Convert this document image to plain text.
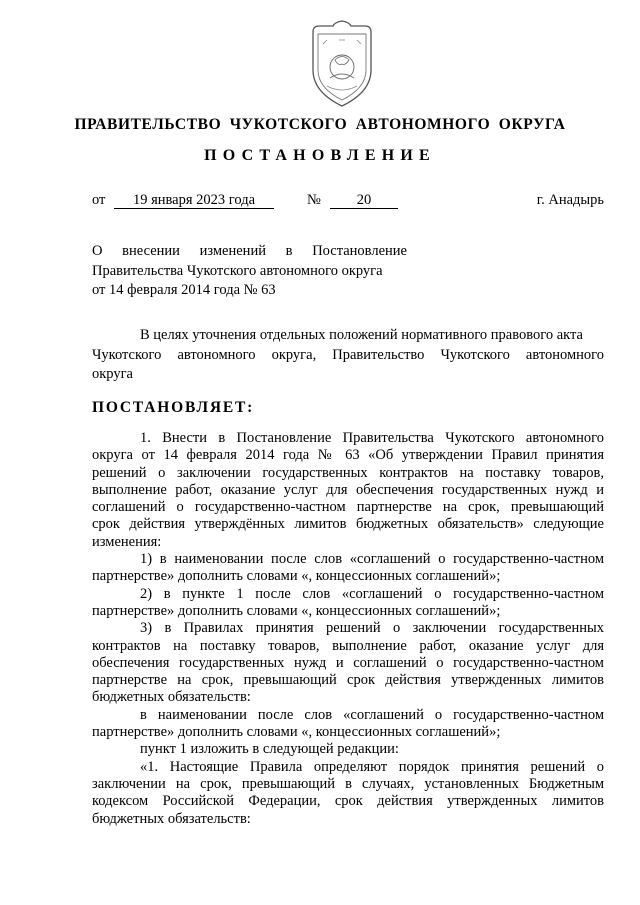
ПРАВИТЕЛЬСТВО ЧУКОТСКОГО АВТОНОМНОГО ОКРУГА
ПОСТАНОВЛЕНИЕ
от	19 января 2023 года	№	20	г. Анадырь
О внесении изменений в Постановление
Правительства Чукотского автономного округа
от 14 февраля 2014 года № 63
В целях уточнения отдельных положений нормативного правового акта
Чукотского автономного округа, Правительство Чукотского автономного
округа
ПОСТАНОВЛЯЕТ:

1. Внести в Постановление Правительства Чукотского автономного
округа от 14 февраля 2014 года № 63 «Об утверждении Правил принятия
решений о заключении государственных контрактов на поставку товаров,
выполнение работ, оказание услуг для обеспечения государственных нужд и
соглашений о государственно-частном партнерстве на срок, превышающий
срок действия утверждённых лимитов бюджетных обязательств» следующие
изменения:

1) в наименовании после слов «соглашений о государственно-частном
партнерстве» дополнить словами «, концессионных соглашений»;

2) в пункте 1 после слов «соглашений о государственно-частном
партнерстве» дополнить словами «, концессионных соглашений»;

3) в Правилах принятия решений о заключении государственных
контрактов на поставку товаров, выполнение работ, оказание услуг для
обеспечения государственных нужд и соглашений о государственно-частном
партнерстве на срок, превышающий срок действия утвержденных лимитов
бюджетных обязательств:

в наименовании после слов «соглашений о государственно-частном
партнерстве» дополнить словами «, концессионных соглашений»;

пункт 1 изложить в следующей редакции:

«1. Настоящие Правила определяют порядок принятия решений о
заключении на срок, превышающий в случаях, установленных Бюджетным
кодексом Российской Федерации, срок действия утвержденных лимитов
бюджетных обязательств:
